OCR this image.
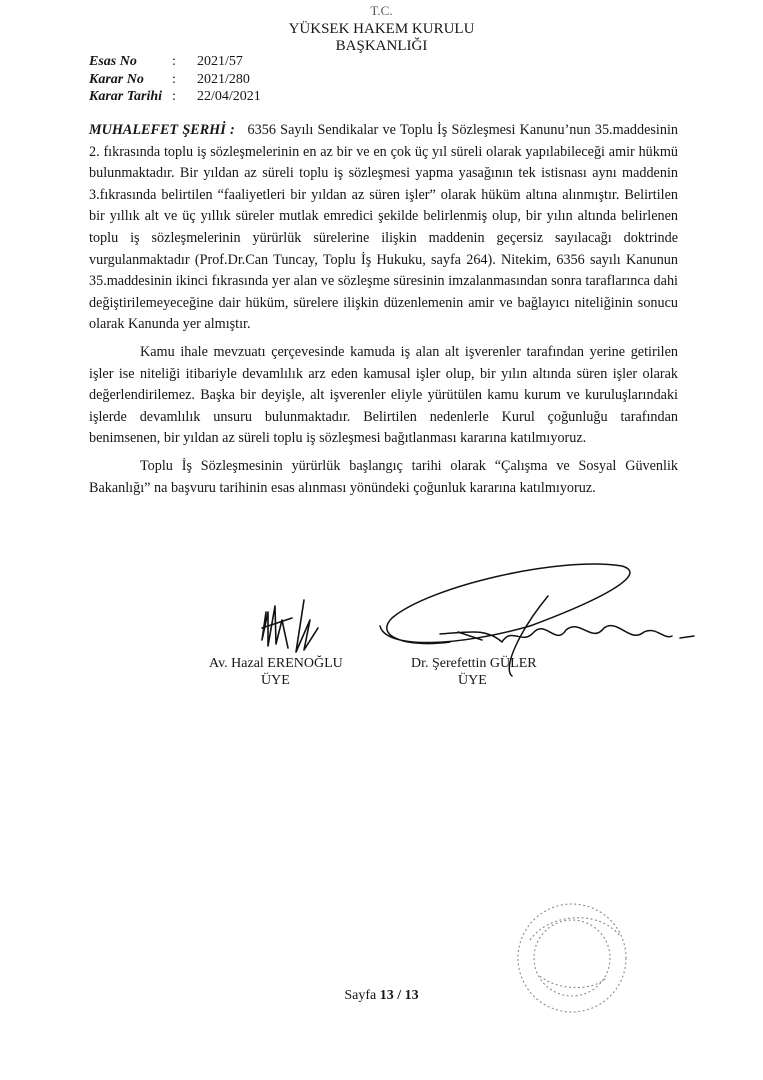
T.C.
YÜKSEK HAKEM KURULU
BAŞKANLIĞI
Esas No	: 2021/57
Karar No : 2021/280
Karar Tarihi : 22/04/2021

MUHALEFET ŞERHİ : 6356 Sayılı Sendikalar ve Toplu İş Sözleşmesi Kanunu’nun 35.maddesinin 2. fıkrasında toplu iş sözleşmelerinin en az bir ve en çok üç yıl süreli olarak yapılabileceği amir hükmü bulunmaktadır. Bir yıldan az süreli toplu iş sözleşmesi yapma yasağının tek istisnası aynı maddenin 3.fıkrasında belirtilen “faaliyetleri bir yıldan az süren işler” olarak hüküm altına alınmıştır. Belirtilen bir yıllık alt ve üç yıllık süreler mutlak emredici şekilde belirlenmiş olup, bir yılın altında belirlenen toplu iş sözleşmelerinin yürürlük sürelerine ilişkin maddenin geçersiz sayılacağı doktrinde vurgulanmaktadır (Prof.Dr.Can Tuncay, Toplu İş Hukuku, sayfa 264). Nitekim, 6356 sayılı Kanunun 35.maddesinin ikinci fıkrasında yer alan ve sözleşme süresinin imzalanmasından sonra taraflarınca dahi değiştirilemeyeceğine dair hüküm, sürelere ilişkin düzenlemenin amir ve bağlayıcı niteliğinin sonucu olarak Kanunda yer almıştır.

Kamu ihale mevzuatı çerçevesinde kamuda iş alan alt işverenler tarafından yerine getirilen işler ise niteliği itibariyle devamlılık arz eden kamusal işler olup, bir yılın altında süren işler olarak değerlendirilemez. Başka bir deyişle, alt işverenler eliyle yürütülen kamu kurum ve kuruluşlarındaki işlerde devamlılık unsuru bulunmaktadır. Belirtilen nedenlerle Kurul çoğunluğu tarafından benimsenen, bir yıldan az süreli toplu iş sözleşmesi bağıtlanması kararına katılmıyoruz.

Toplu İş Sözleşmesinin yürürlük başlangıç tarihi olarak “Çalışma ve Sosyal Güvenlik Bakanlığı” na başvuru tarihinin esas alınması yönündeki çoğunluk kararına katılmıyoruz.

Av. Hazal ERENOĞLU
ÜYE
Dr. Şerefettin GÜLER
ÜYE
Sayfa 13 / 13
